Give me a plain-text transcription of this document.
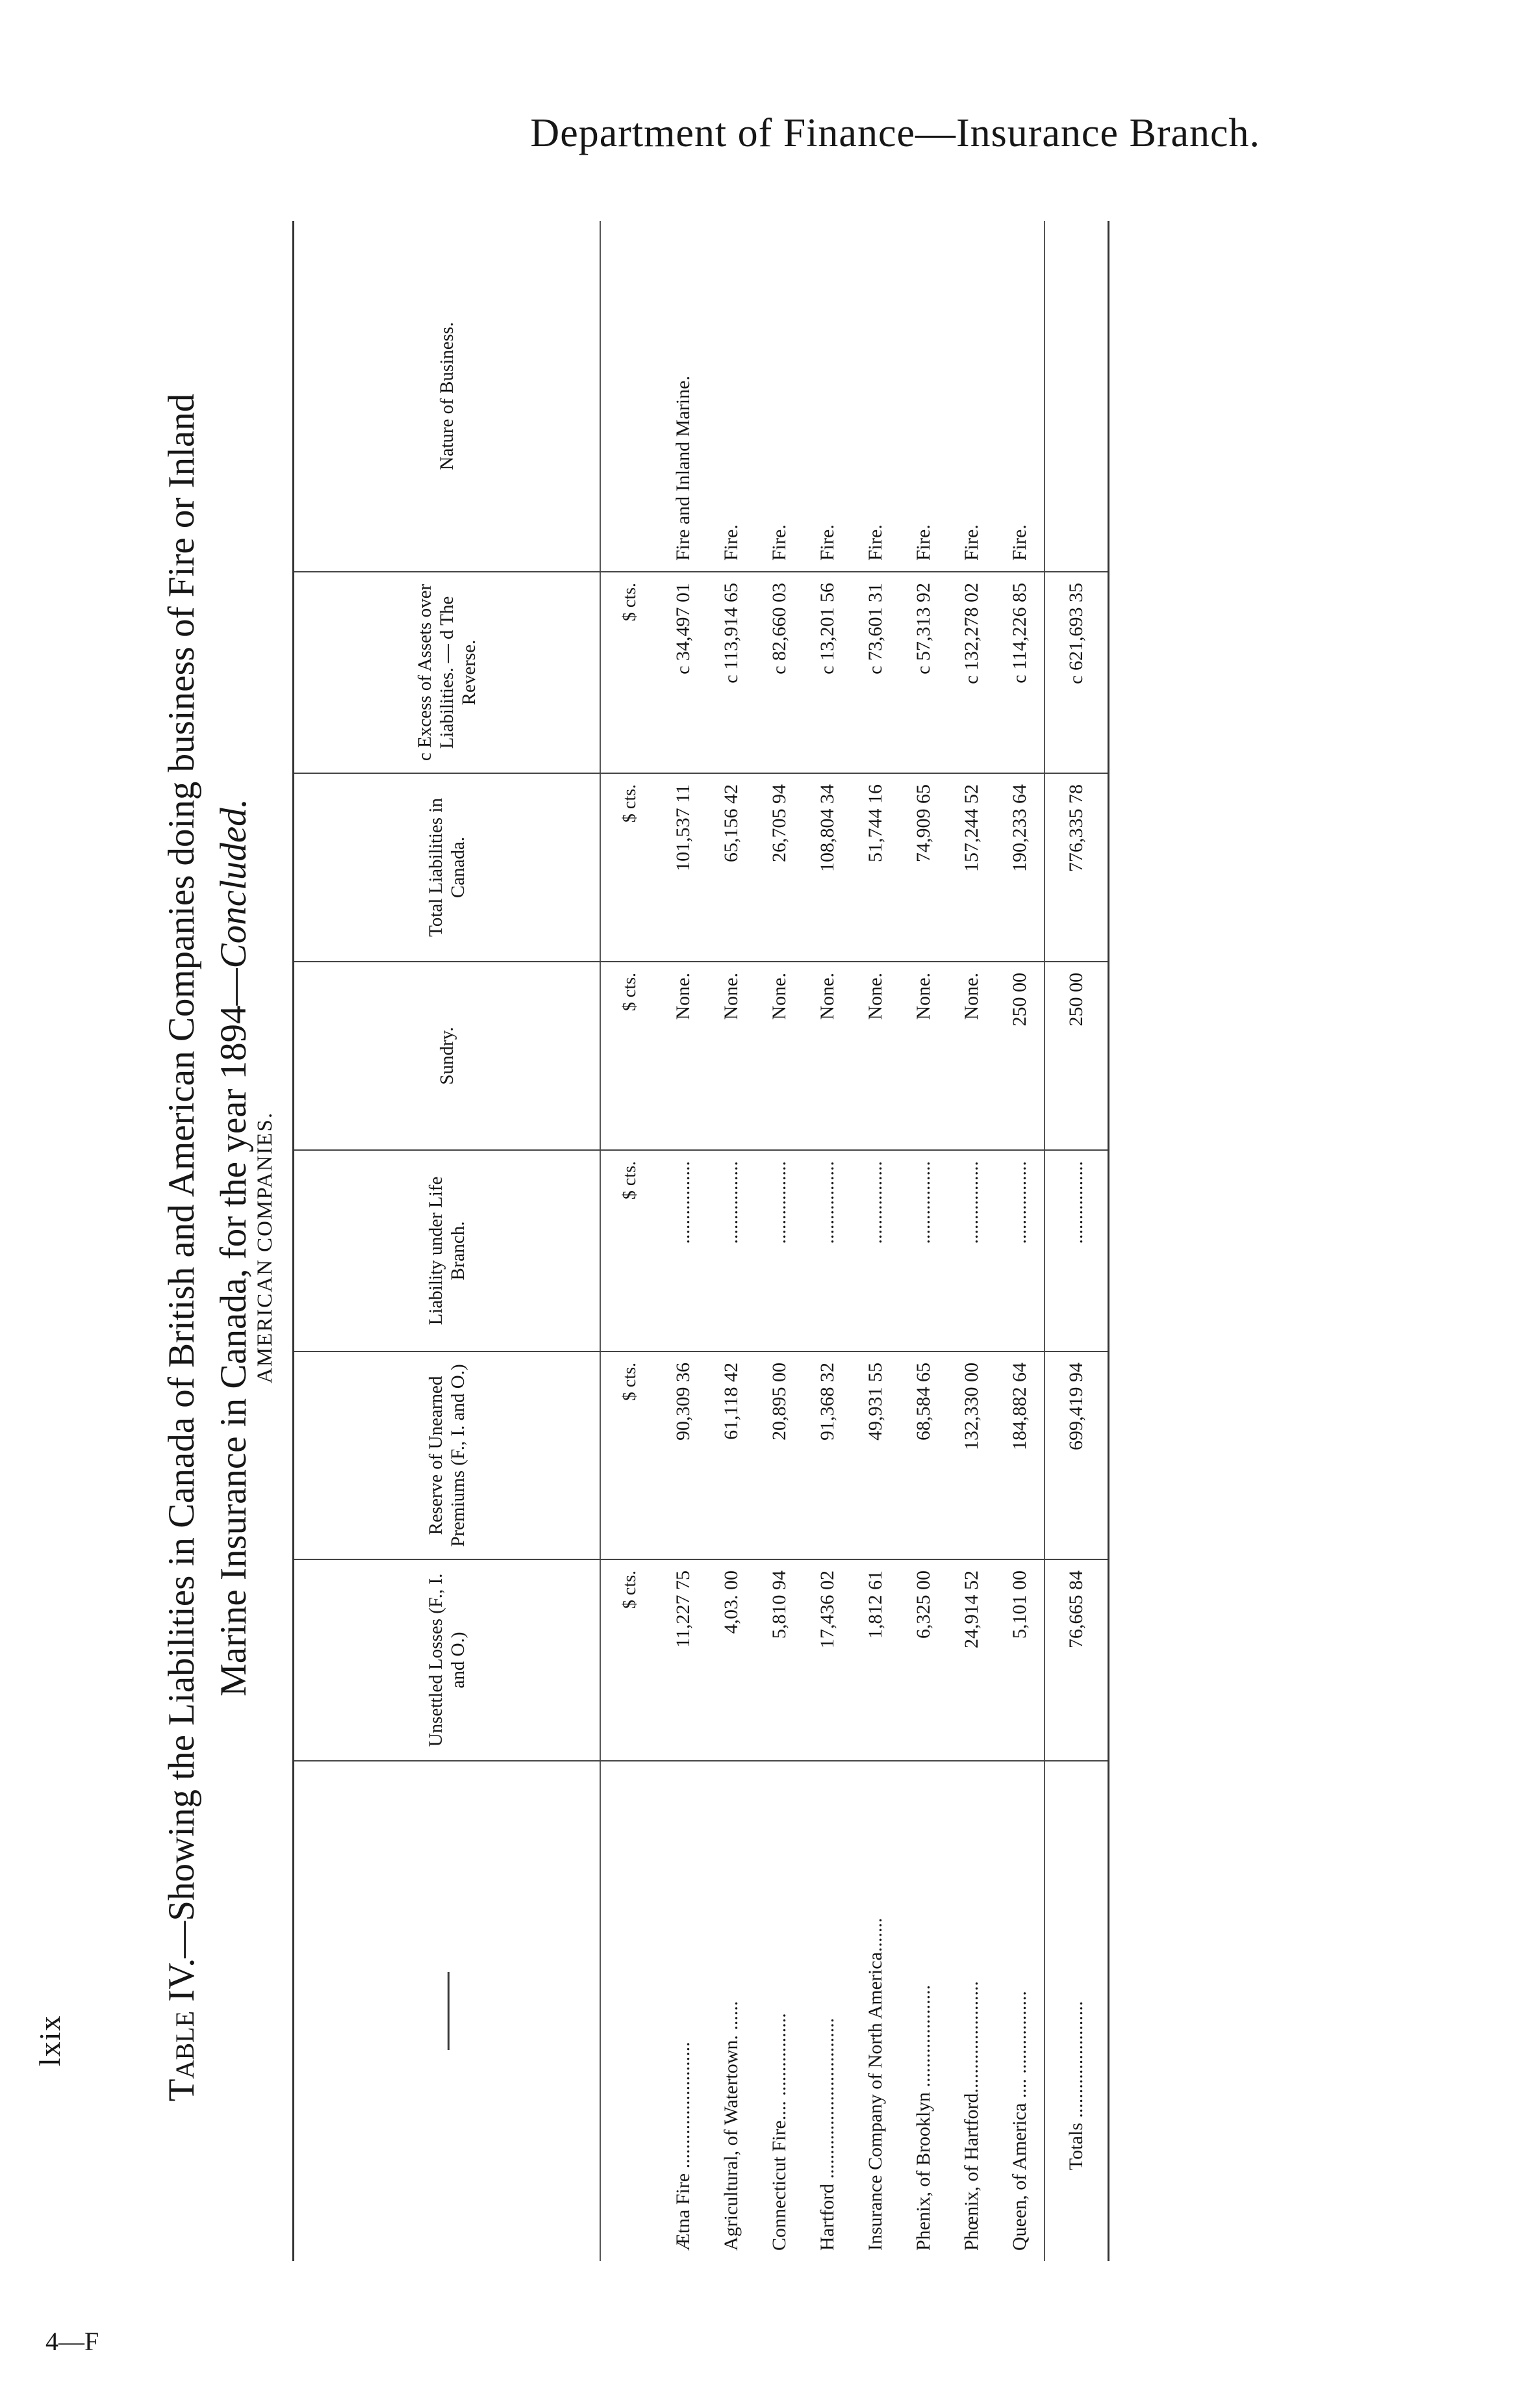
Department of Finance—Insurance Branch.
Table IV.—Showing the Liabilities in Canada of British and American Companies doing business of Fire or Inland Marine Insurance in Canada, for the year 1894—Concluded.
AMERICAN COMPANIES.
	Unsettled Losses (F., I. and O.)	Reserve of Unearned Premiums (F., I. and O.)	Liability under Life Branch.	Sundry.	Total Liabilities in Canada.	c Excess of Assets over Liabilities. — d The Reverse.	Nature of Business.
	$ cts.	$ cts.	$ cts.	$ cts.	$ cts.	$ cts.	
Ætna Fire ..........................	11,227 75	90,309 36	.................	None.	101,537 11	c 34,497 01	Fire and Inland Marine.
Agricultural, of Watertown. ......	4,03. 00	61,118 42	.................	None.	65,156 42	c 113,914 65	Fire.
Connecticut Fire.... .................	5,810 94	20,895 00	.................	None.	26,705 94	c 82,660 03	Fire.
Hartford .................................	17,436 02	91,368 32	.................	None.	108,804 34	c 13,201 56	Fire.
Insurance Company of North America.......	1,812 61	49,931 55	.................	None.	51,744 16	c 73,601 31	Fire.
Phenix, of Brooklyn .....................	6,325 00	68,584 65	.................	None.	74,909 65	c 57,313 92	Fire.
Phœnix, of Hartford.......................	24,914 52	132,330 00	.................	None.	157,244 52	c 132,278 02	Fire.
Queen, of America .... .................	5,101 00	184,882 64	.................	250 00	190,233 64	c 114,226 85	Fire.
Totals ........................	76,665 84	699,419 94	.................	250 00	776,335 78	c 621,693 35	
lxix
4—F
